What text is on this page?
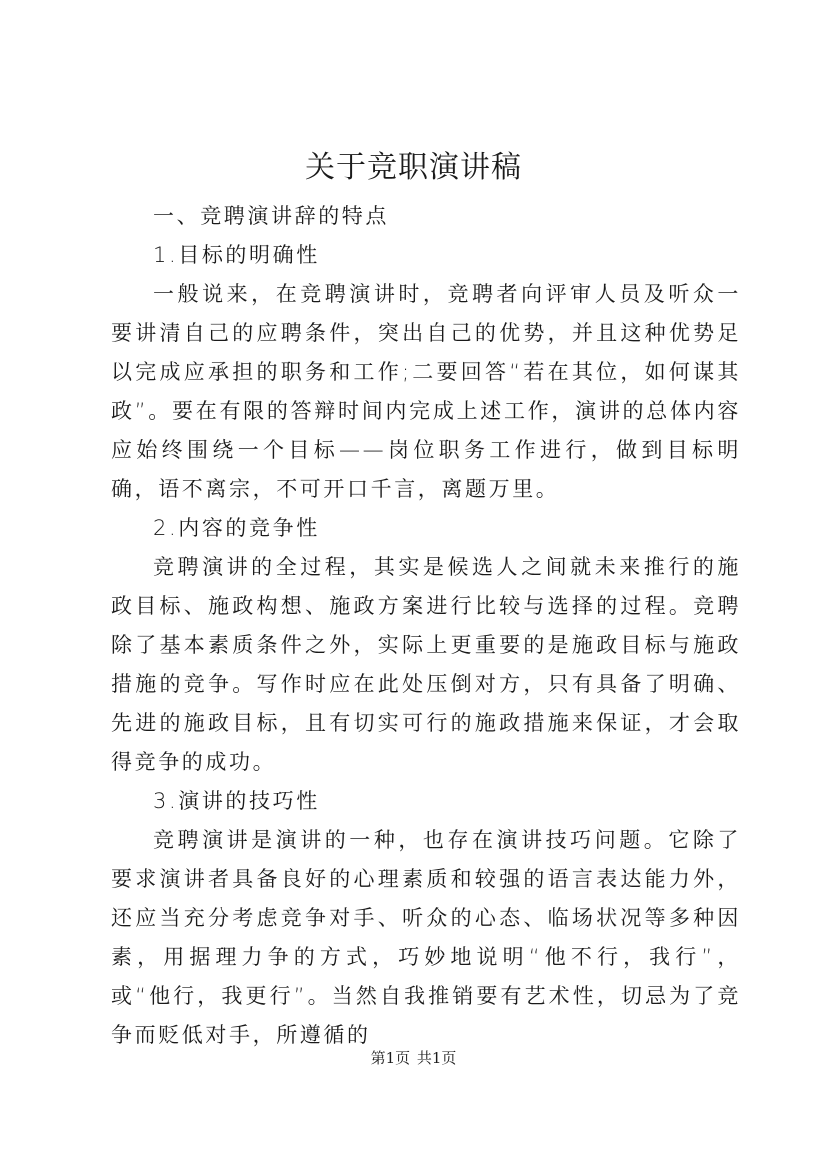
关于竞职演讲稿

一、竞聘演讲辞的特点

1.目标的明确性

一般说来，在竞聘演讲时，竞聘者向评审人员及听众一要讲清自己的应聘条件，突出自己的优势，并且这种优势足以完成应承担的职务和工作;二要回答“若在其位，如何谋其政”。要在有限的答辩时间内完成上述工作，演讲的总体内容应始终围绕一个目标——岗位职务工作进行，做到目标明确，语不离宗，不可开口千言，离题万里。

2.内容的竞争性

竞聘演讲的全过程，其实是候选人之间就未来推行的施政目标、施政构想、施政方案进行比较与选择的过程。竞聘除了基本素质条件之外，实际上更重要的是施政目标与施政措施的竞争。写作时应在此处压倒对方，只有具备了明确、先进的施政目标，且有切实可行的施政措施来保证，才会取得竞争的成功。

3.演讲的技巧性

竞聘演讲是演讲的一种，也存在演讲技巧问题。它除了要求演讲者具备良好的心理素质和较强的语言表达能力外，还应当充分考虑竞争对手、听众的心态、临场状况等多种因素，用据理力争的方式，巧妙地说明“他不行，我行”，或“他行，我更行”。当然自我推销要有艺术性，切忌为了竞争而贬低对手，所遵循的

第1页 共1页
